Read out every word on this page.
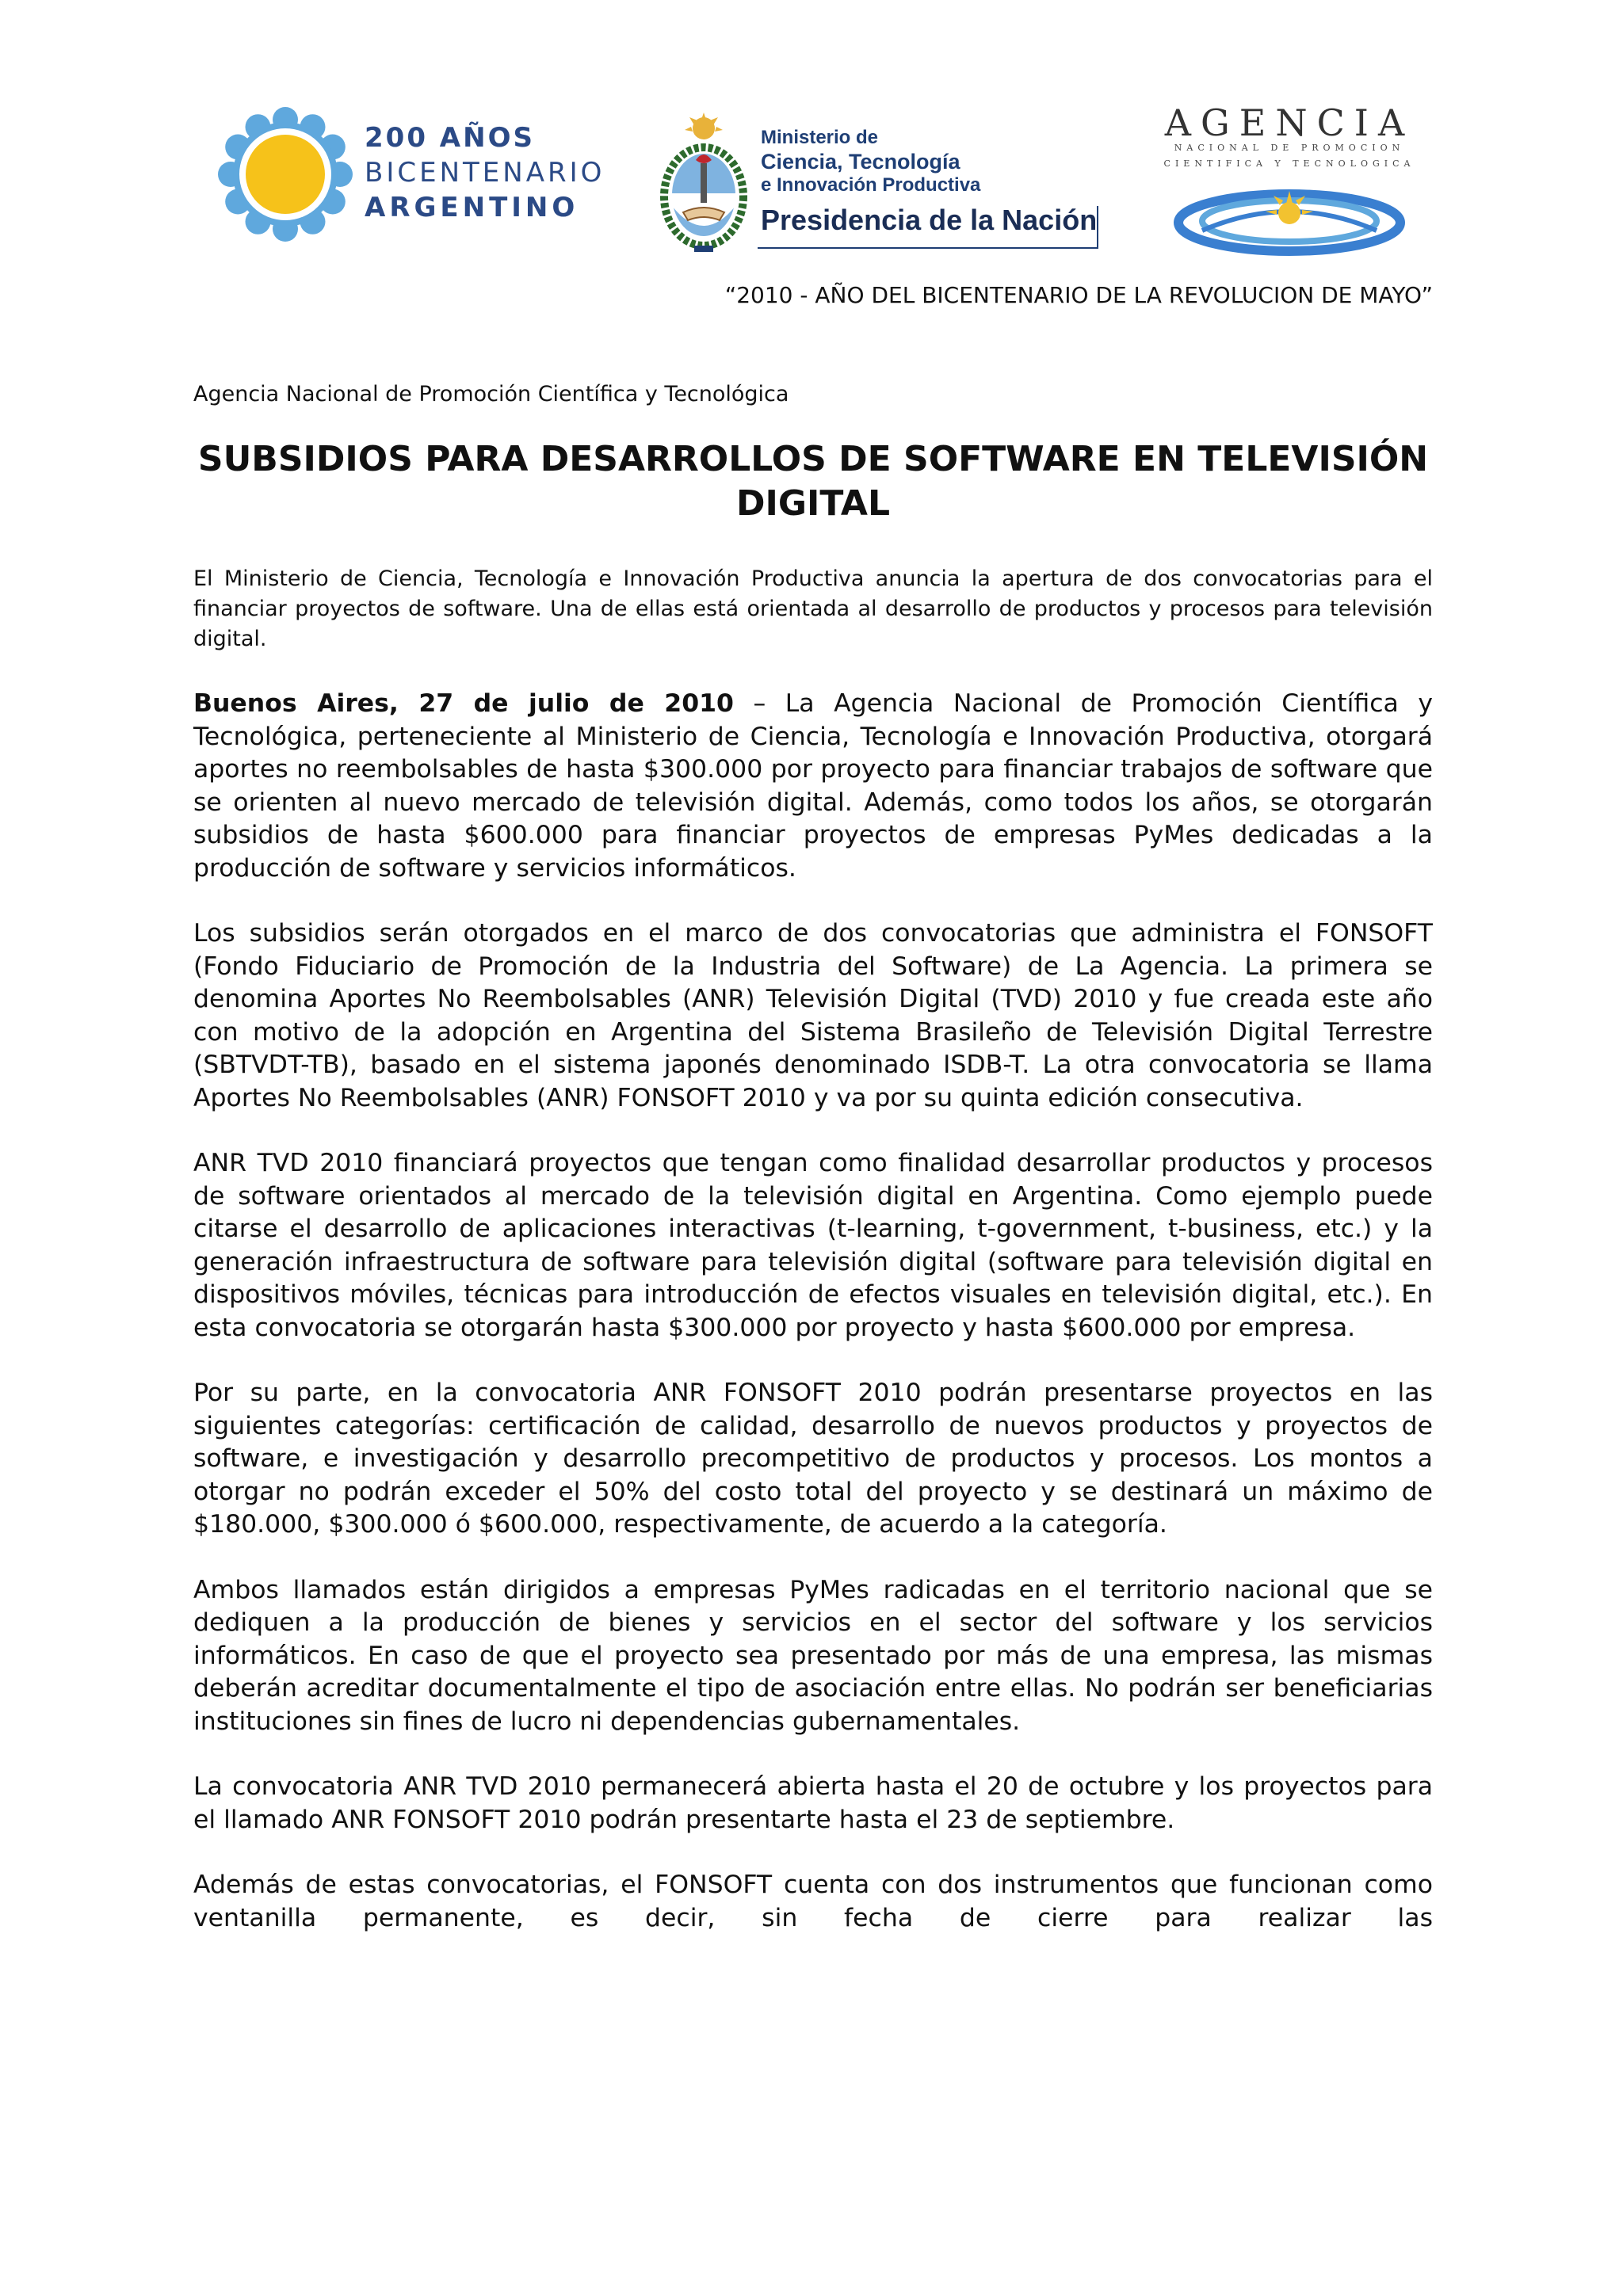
200 AÑOS
BICENTENARIO
ARGENTINO
Ministerio de
Ciencia, Tecnología
e Innovación Productiva
Presidencia de la Nación
AGENCIA
NACIONAL DE PROMOCION
CIENTIFICA Y TECNOLOGICA
“2010 - AÑO DEL BICENTENARIO DE LA REVOLUCION DE MAYO”
Agencia Nacional de Promoción Científica y Tecnológica
SUBSIDIOS PARA DESARROLLOS DE SOFTWARE EN TELEVISIÓN DIGITAL

El Ministerio de Ciencia, Tecnología e Innovación Productiva anuncia la apertura de dos convocatorias para el financiar proyectos de software. Una de ellas está orientada al desarrollo de productos y procesos para televisión digital.

Buenos Aires, 27 de julio de 2010 – La Agencia Nacional de Promoción Científica y Tecnológica, perteneciente al Ministerio de Ciencia, Tecnología e Innovación Productiva, otorgará aportes no reembolsables de hasta $300.000 por proyecto para financiar trabajos de software que se orienten al nuevo mercado de televisión digital. Además, como todos los años, se otorgarán subsidios de hasta $600.000 para financiar proyectos de empresas PyMes dedicadas a la producción de software y servicios informáticos.

Los subsidios serán otorgados en el marco de dos convocatorias que administra el FONSOFT (Fondo Fiduciario de Promoción de la Industria del Software) de La Agencia. La primera se denomina Aportes No Reembolsables (ANR) Televisión Digital (TVD) 2010 y fue creada este año con motivo de la adopción en Argentina del Sistema Brasileño de Televisión Digital Terrestre (SBTVDT-TB), basado en el sistema japonés denominado ISDB-T. La otra convocatoria se llama Aportes No Reembolsables (ANR) FONSOFT 2010 y va por su quinta edición consecutiva.

ANR TVD 2010 financiará proyectos que tengan como finalidad desarrollar productos y procesos de software orientados al mercado de la televisión digital en Argentina. Como ejemplo puede citarse el desarrollo de aplicaciones interactivas (t-learning, t-government, t-business, etc.) y la generación infraestructura de software para televisión digital (software para televisión digital en dispositivos móviles, técnicas para introducción de efectos visuales en televisión digital, etc.). En esta convocatoria se otorgarán hasta $300.000 por proyecto y hasta $600.000 por empresa.

Por su parte, en la convocatoria ANR FONSOFT 2010 podrán presentarse proyectos en las siguientes categorías: certificación de calidad, desarrollo de nuevos productos y proyectos de software, e investigación y desarrollo precompetitivo de productos y procesos. Los montos a otorgar no podrán exceder el 50% del costo total del proyecto y se destinará un máximo de $180.000, $300.000 ó $600.000, respectivamente, de acuerdo a la categoría.

Ambos llamados están dirigidos a empresas PyMes radicadas en el territorio nacional que se dediquen a la producción de bienes y servicios en el sector del software y los servicios informáticos. En caso de que el proyecto sea presentado por más de una empresa, las mismas deberán acreditar documentalmente el tipo de asociación entre ellas. No podrán ser beneficiarias instituciones sin fines de lucro ni dependencias gubernamentales.

La convocatoria ANR TVD 2010 permanecerá abierta hasta el 20 de octubre y los proyectos para el llamado ANR FONSOFT 2010 podrán presentarte hasta el 23 de septiembre.

Además de estas convocatorias, el FONSOFT cuenta con dos instrumentos que funcionan como ventanilla permanente, es decir, sin fecha de cierre para realizar las
